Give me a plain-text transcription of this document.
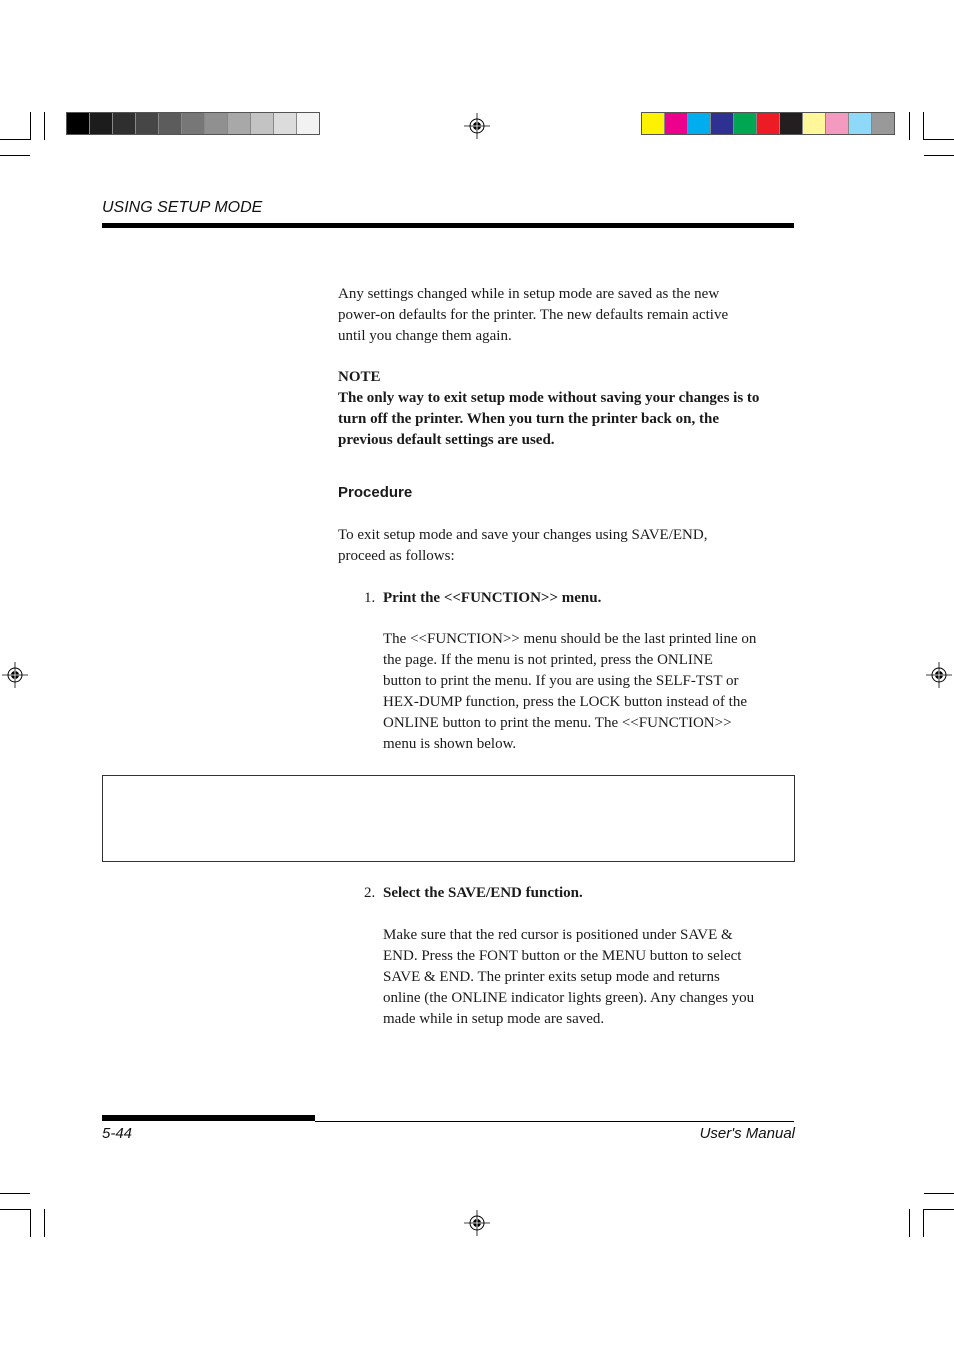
USING SETUP MODE
Any settings changed while in setup mode are saved as the new
power-on defaults for the printer. The new defaults remain active
until you change them again.
NOTE
The only way to exit setup mode without saving your changes is to
turn off the printer. When you turn the printer back on, the
previous default settings are used.
Procedure
To exit setup mode and save your changes using SAVE/END,
proceed as follows:
1. Print the <<FUNCTION>> menu.
The <<FUNCTION>> menu should be the last printed line on
the page. If the menu is not printed, press the ONLINE
button to print the menu. If you are using the SELF-TST or
HEX-DUMP function, press the LOCK button instead of the
ONLINE button to print the menu. The <<FUNCTION>>
menu is shown below.
2. Select the SAVE/END function.
Make sure that the red cursor is positioned under SAVE &
END. Press the FONT button or the MENU button to select
SAVE & END. The printer exits setup mode and returns
online (the ONLINE indicator lights green). Any changes you
made while in setup mode are saved.
5-44	User's Manual
